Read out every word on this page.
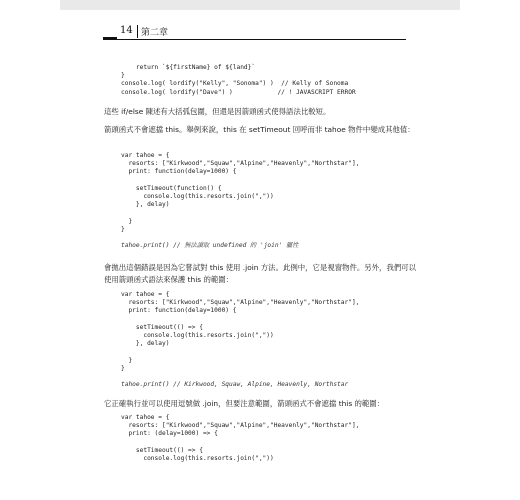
14 第二章
return `${firstName} of ${land}`
}
console.log( lordify("Kelly", "Sonoma") )  // Kelly of Sonoma
console.log( lordify("Dave") )            // ! JAVASCRIPT ERROR

這些 if/else 陳述有大括弧包圍，但還是因箭頭函式使得語法比較短。

箭頭函式不會遮擋 this。舉例來說，this 在 setTimeout 回呼而非 tahoe 物件中變成其他值：

var tahoe = {
resorts: ["Kirkwood","Squaw","Alpine","Heavenly","Northstar"],
print: function(delay=1000) {

setTimeout(function() {
console.log(this.resorts.join(","))
}, delay)

}
}

tahoe.print() // 無法讀取 undefined 的 'join' 屬性

會拋出這個錯誤是因為它嘗試對 this 使用 .join 方法。此例中，它是視窗物件。另外，我們可以使用箭頭函式語法來保護 this 的範圍：

var tahoe = {
resorts: ["Kirkwood","Squaw","Alpine","Heavenly","Northstar"],
print: function(delay=1000) {

setTimeout(() => {
console.log(this.resorts.join(","))
}, delay)

}
}

tahoe.print() // Kirkwood, Squaw, Alpine, Heavenly, Northstar

它正確執行並可以使用逗號做 .join，但要注意範圍，箭頭函式不會遮擋 this 的範圍：

var tahoe = {
resorts: ["Kirkwood","Squaw","Alpine","Heavenly","Northstar"],
print: (delay=1000) => {

setTimeout(() => {
console.log(this.resorts.join(","))
